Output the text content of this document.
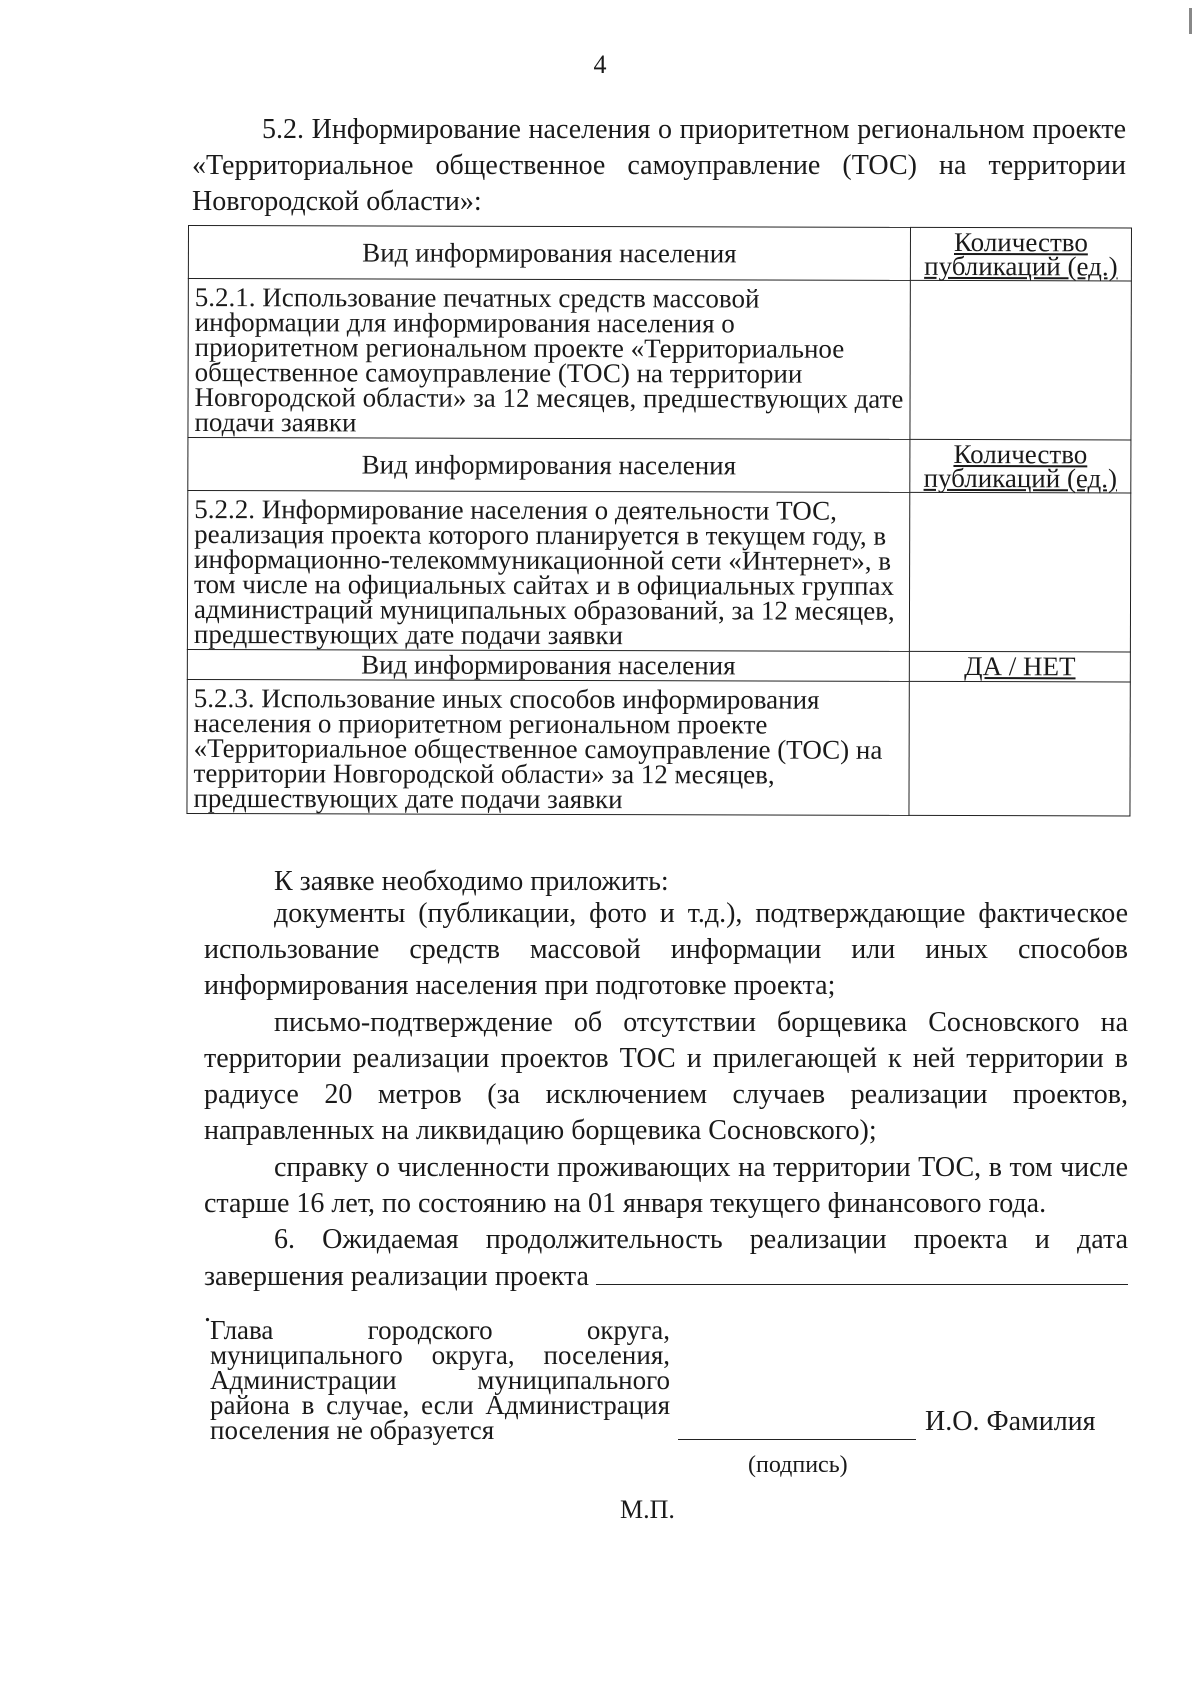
4
5.2. Информирование населения о приоритетном региональном проекте «Территориальное общественное самоуправление (ТОС) на территории Новгородской области»:
Вид информирования населения	Количество
публикаций (ед.)
5.2.1. Использование печатных средств массовой информации для информирования населения о приоритетном региональном проекте «Территориальное общественное самоуправление (ТОС) на территории Новгородской области» за 12 месяцев, предшествующих дате подачи заявки	
Вид информирования населения	Количество
публикаций (ед.)
5.2.2. Информирование населения о деятельности ТОС, реализация проекта которого планируется в текущем году, в информационно-телекоммуникационной сети «Интернет», в том числе на официальных сайтах и в официальных группах администраций муниципальных образований, за 12 месяцев, предшествующих дате подачи заявки	
Вид информирования населения	ДА / НЕТ
5.2.3. Использование иных способов информирования населения о приоритетном региональном проекте «Территориальное общественное самоуправление (ТОС) на территории Новгородской области» за 12 месяцев, предшествующих дате подачи заявки	
К заявке необходимо приложить:
документы (публикации, фото и т.д.), подтверждающие фактическое использование средств массовой информации или иных способов информирования населения при подготовке проекта;
письмо-подтверждение об отсутствии борщевика Сосновского на территории реализации проектов ТОС и прилегающей к ней территории в радиусе 20 метров (за исключением случаев реализации проектов, направленных на ликвидацию борщевика Сосновского);
справку о численности проживающих на территории ТОС, в том числе старше 16 лет, по состоянию на 01 января текущего финансового года.
6. Ожидаемая продолжительность реализации проекта и дата завершения реализации проекта .
Глава городского округа, муниципального округа, поселения, Администрации муниципального района в случае, если Администрация поселения не образуется	И.О. Фамилия
(подпись)
М.П.
